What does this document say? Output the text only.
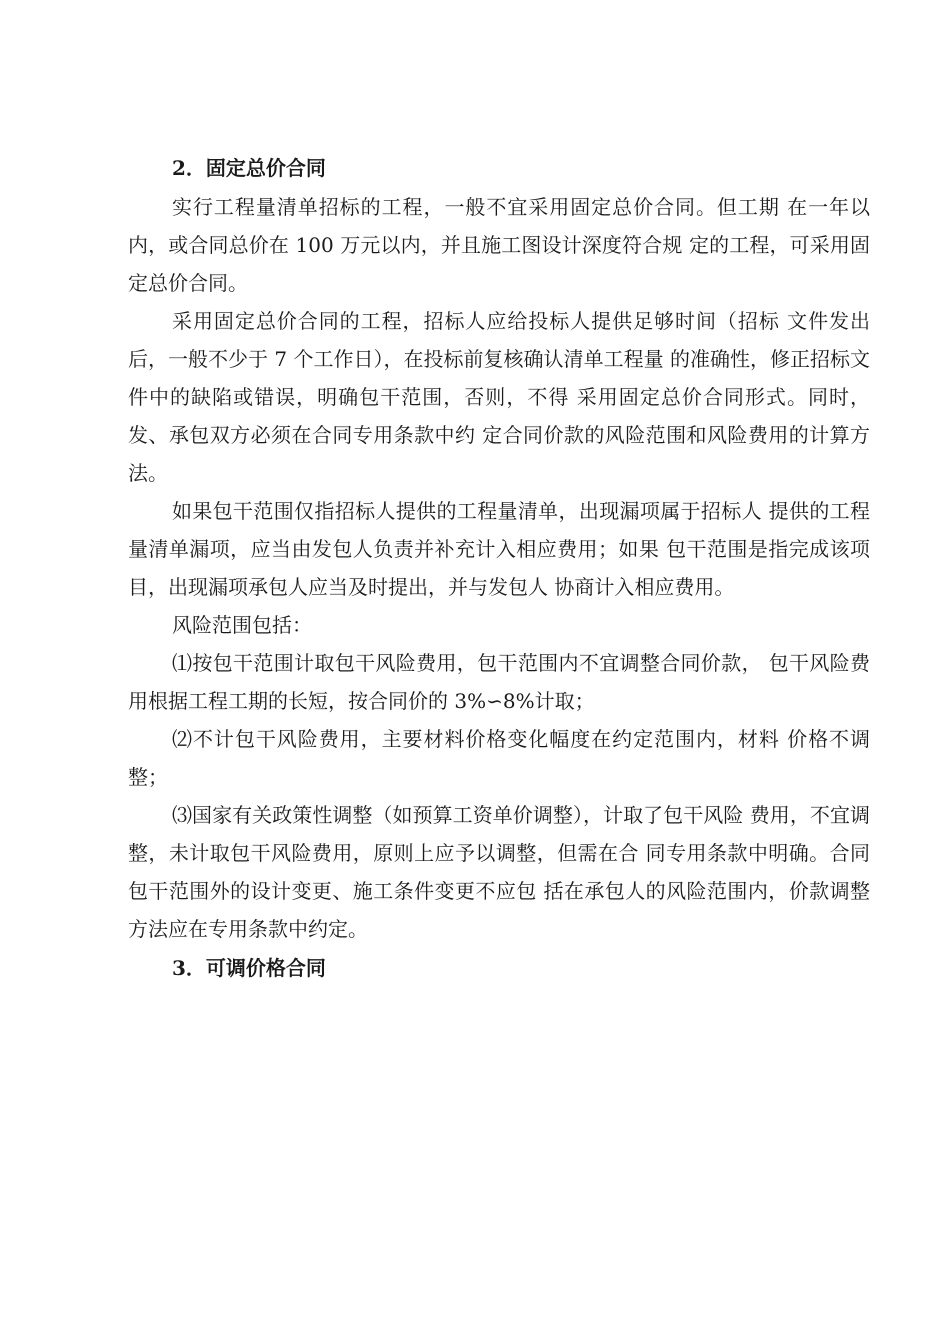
2．固定总价合同

实行工程量清单招标的工程，一般不宜采用固定总价合同。但工期 在一年以内，或合同总价在 100 万元以内，并且施工图设计深度符合规 定的工程，可采用固定总价合同。

采用固定总价合同的工程，招标人应给投标人提供足够时间（招标 文件发出后，一般不少于 7 个工作日），在投标前复核确认清单工程量 的准确性，修正招标文件中的缺陷或错误，明确包干范围，否则，不得 采用固定总价合同形式。同时，发、承包双方必须在合同专用条款中约 定合同价款的风险范围和风险费用的计算方法。

如果包干范围仅指招标人提供的工程量清单，出现漏项属于招标人 提供的工程量清单漏项，应当由发包人负责并补充计入相应费用；如果 包干范围是指完成该项目，出现漏项承包人应当及时提出，并与发包人 协商计入相应费用。

风险范围包括：

⑴按包干范围计取包干风险费用，包干范围内不宜调整合同价款， 包干风险费用根据工程工期的长短，按合同价的 3%∽8%计取；

⑵不计包干风险费用，主要材料价格变化幅度在约定范围内，材料 价格不调整；

⑶国家有关政策性调整（如预算工资单价调整），计取了包干风险 费用，不宜调整，未计取包干风险费用，原则上应予以调整，但需在合 同专用条款中明确。合同包干范围外的设计变更、施工条件变更不应包 括在承包人的风险范围内，价款调整方法应在专用条款中约定。

3．可调价格合同
